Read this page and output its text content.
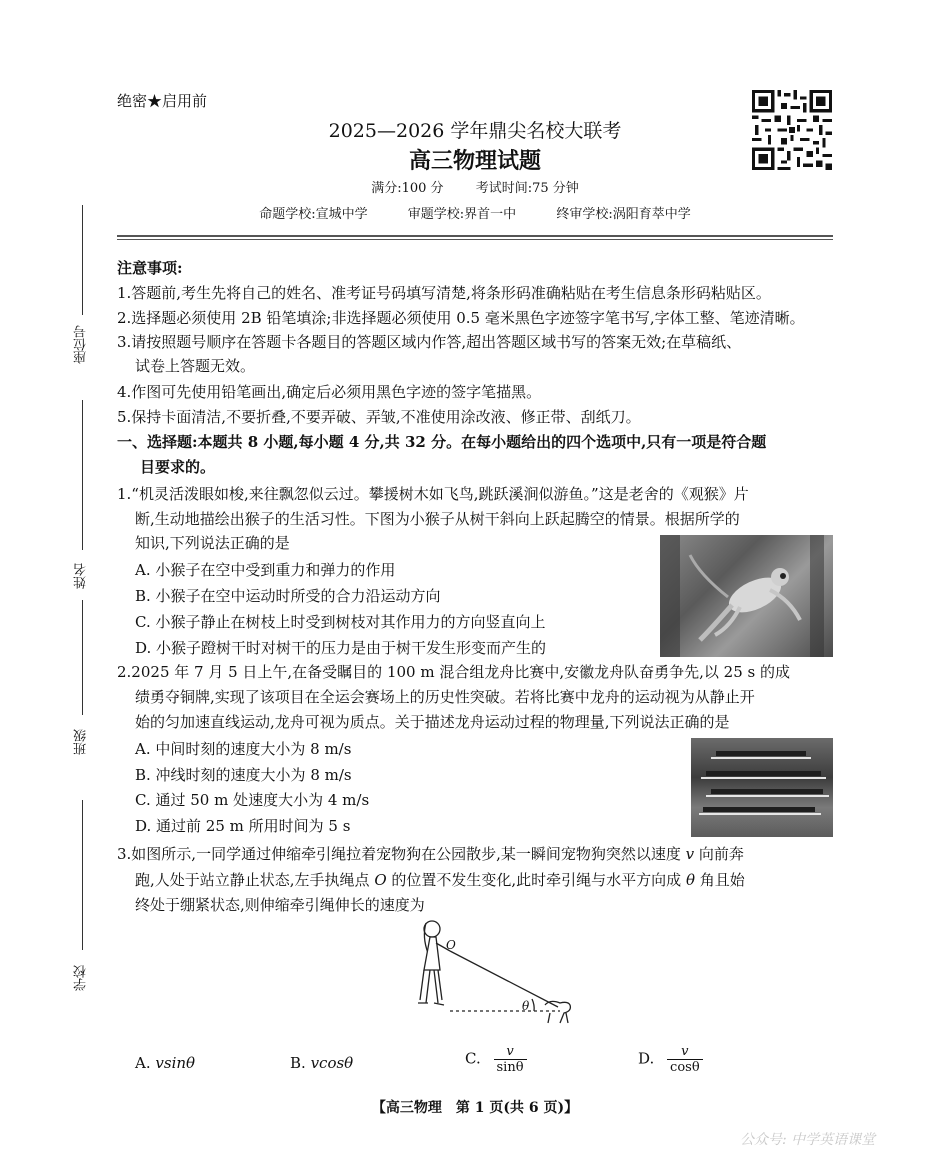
绝密★启用前
2025—2026 学年鼎尖名校大联考
高三物理试题
满分:100 分 考试时间:75 分钟
命题学校:宣城中学	审题学校:界首一中	终审学校:涡阳育萃中学
座位号
姓名
班级
学校
注意事项:
1.答题前,考生先将自己的姓名、准考证号码填写清楚,将条形码准确粘贴在考生信息条形码粘贴区。
2.选择题必须使用 2B 铅笔填涂;非选择题必须使用 0.5 毫米黑色字迹签字笔书写,字体工整、笔迹清晰。
3.请按照题号顺序在答题卡各题目的答题区域内作答,超出答题区域书写的答案无效;在草稿纸、
试卷上答题无效。
4.作图可先使用铅笔画出,确定后必须用黑色字迹的签字笔描黑。
5.保持卡面清洁,不要折叠,不要弄破、弄皱,不准使用涂改液、修正带、刮纸刀。
一、选择题:本题共 8 小题,每小题 4 分,共 32 分。在每小题给出的四个选项中,只有一项是符合题
目要求的。
1.“机灵活泼眼如梭,来往飘忽似云过。攀援树木如飞鸟,跳跃溪涧似游鱼。”这是老舍的《观猴》片
断,生动地描绘出猴子的生活习性。下图为小猴子从树干斜向上跃起腾空的情景。根据所学的
知识,下列说法正确的是
A. 小猴子在空中受到重力和弹力的作用
B. 小猴子在空中运动时所受的合力沿运动方向
C. 小猴子静止在树枝上时受到树枝对其作用力的方向竖直向上
D. 小猴子蹬树干时对树干的压力是由于树干发生形变而产生的
2.2025 年 7 月 5 日上午,在备受瞩目的 100 m 混合组龙舟比赛中,安徽龙舟队奋勇争先,以 25 s 的成
绩勇夺铜牌,实现了该项目在全运会赛场上的历史性突破。若将比赛中龙舟的运动视为从静止开
始的匀加速直线运动,龙舟可视为质点。关于描述龙舟运动过程的物理量,下列说法正确的是
A. 中间时刻的速度大小为 8 m/s
B. 冲线时刻的速度大小为 8 m/s
C. 通过 50 m 处速度大小为 4 m/s
D. 通过前 25 m 所用时间为 5 s
3.如图所示,一同学通过伸缩牵引绳拉着宠物狗在公园散步,某一瞬间宠物狗突然以速度 v 向前奔
跑,人处于站立静止状态,左手执绳点 O 的位置不发生变化,此时牵引绳与水平方向成 θ 角且始
终处于绷紧状态,则伸缩牵引绳伸长的速度为
O
θ
A. vsinθ	B. vcosθ	C. $\frac{v}{\sin\theta}$	D. $\frac{v}{\cos\theta}$
【高三物理　第 1 页(共 6 页)】
公众号: 中学英语课堂
